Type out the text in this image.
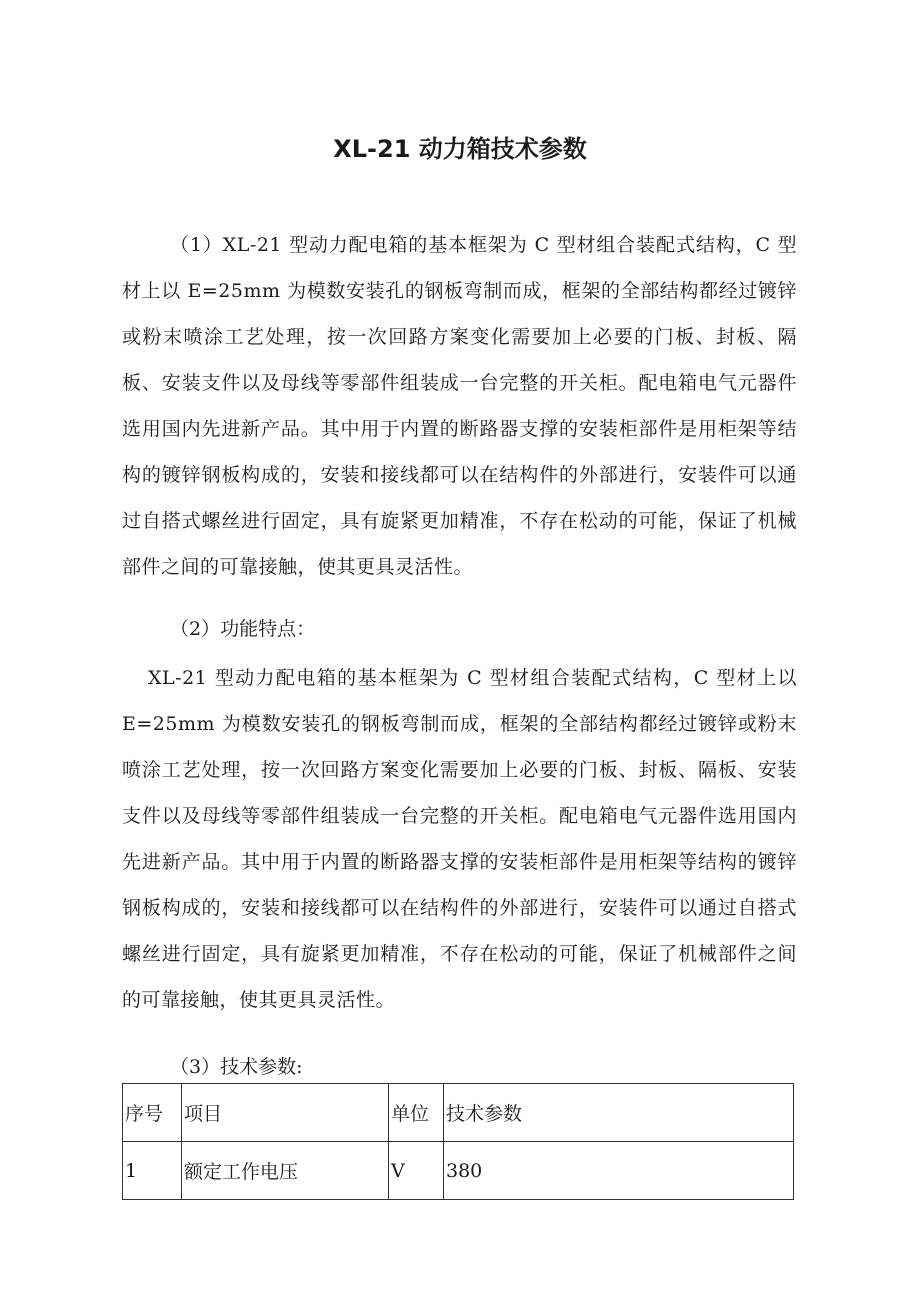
XL-21 动力箱技术参数

（1）XL-21 型动力配电箱的基本框架为 C 型材组合装配式结构，C 型材上以 E=25mm 为模数安装孔的钢板弯制而成，框架的全部结构都经过镀锌或粉末喷涂工艺处理，按一次回路方案变化需要加上必要的门板、封板、隔板、安装支件以及母线等零部件组装成一台完整的开关柜。配电箱电气元器件选用国内先进新产品。其中用于内置的断路器支撑的安装柜部件是用柜架等结构的镀锌钢板构成的，安装和接线都可以在结构件的外部进行，安装件可以通过自搭式螺丝进行固定，具有旋紧更加精准，不存在松动的可能，保证了机械部件之间的可靠接触，使其更具灵活性。

（2）功能特点：

XL-21 型动力配电箱的基本框架为 C 型材组合装配式结构，C 型材上以 E=25mm 为模数安装孔的钢板弯制而成，框架的全部结构都经过镀锌或粉末喷涂工艺处理，按一次回路方案变化需要加上必要的门板、封板、隔板、安装支件以及母线等零部件组装成一台完整的开关柜。配电箱电气元器件选用国内先进新产品。其中用于内置的断路器支撑的安装柜部件是用柜架等结构的镀锌钢板构成的，安装和接线都可以在结构件的外部进行，安装件可以通过自搭式螺丝进行固定，具有旋紧更加精准，不存在松动的可能，保证了机械部件之间的可靠接触，使其更具灵活性。

（3）技术参数:
序号	项目	单位	技术参数
1	额定工作电压	V	380
